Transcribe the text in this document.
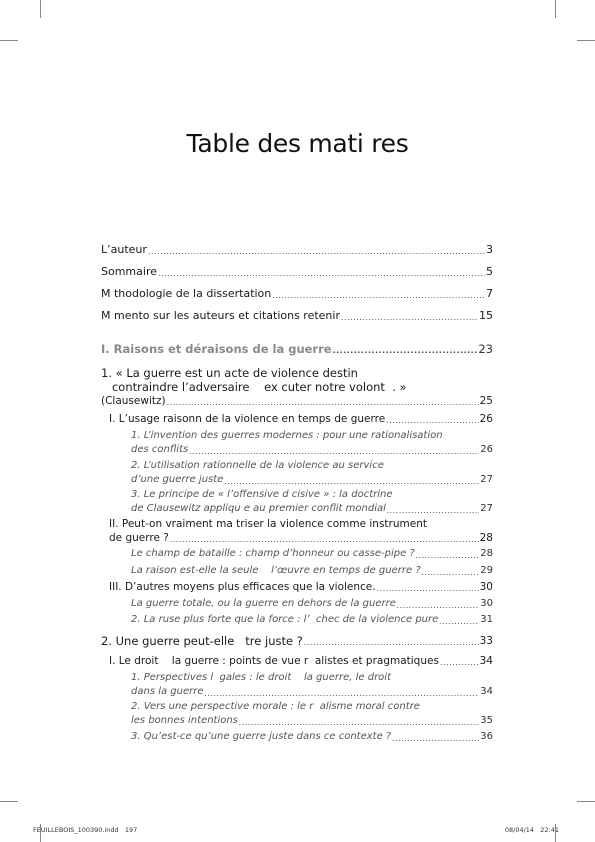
Table des mati res
L’auteur .....	3
Sommaire .....	5
M thodologie de la dissertation .....	7
M mento sur les auteurs et citations retenir .....	15
I. Raisons et déraisons de la guerre .....	23
1. « La guerre est un acte de violence destin
contraindre l’adversaire    ex cuter notre volont  . »
(Clausewitz) .....	25
I. L’usage raisonn de la violence en temps de guerre .....	26
1. L’invention des guerres modernes : pour une rationalisation
des conflits .....	26
2. L’utilisation rationnelle de la violence au service
d’une guerre juste .....	27
3. Le principe de « l’offensive d cisive » : la doctrine
de Clausewitz appliqu e au premier conflit mondial .....	27
II. Peut-on vraiment ma triser la violence comme instrument
de guerre ? .....	28
Le champ de bataille : champ d’honneur ou casse-pipe ? .....	28
La raison est-elle la seule    l’œuvre en temps de guerre ? .....	29
III. D’autres moyens plus efficaces que la violence. .....	30
La guerre totale, ou la guerre en dehors de la guerre .....	30
2. La ruse plus forte que la force : l’  chec de la violence pure .....	31
2. Une guerre peut-elle   tre juste ? .....	33
I. Le droit    la guerre : points de vue r  alistes et pragmatiques .....	34
1. Perspectives l  gales : le droit    la guerre, le droit
dans la guerre .....	34
2. Vers une perspective morale : le r  alisme moral contre
les bonnes intentions .....	35
3. Qu’est-ce qu’une guerre juste dans ce contexte ? .....	36
FEUILLEBOIS_100390.indd   197	08/04/14   22:41
